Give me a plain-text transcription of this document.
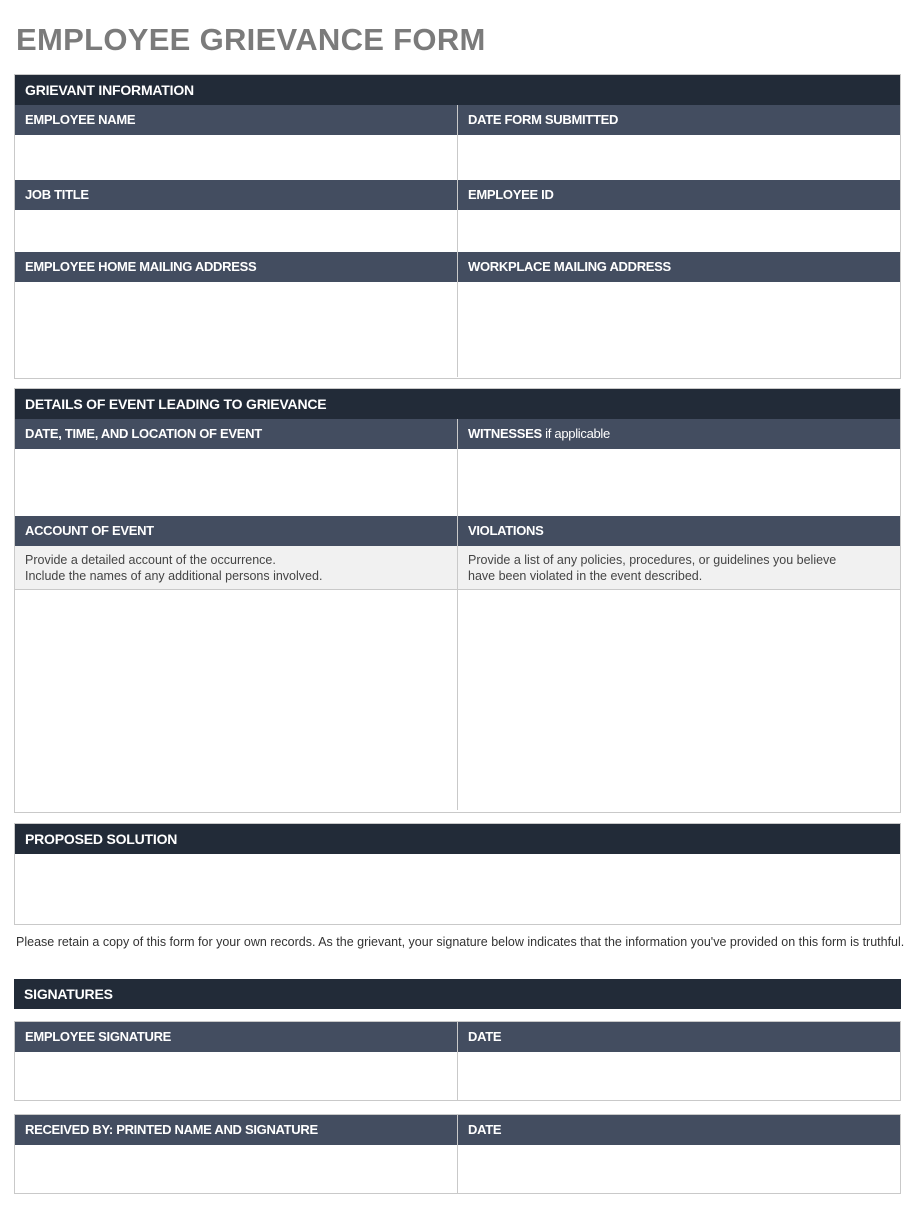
EMPLOYEE GRIEVANCE FORM
GRIEVANT INFORMATION
EMPLOYEE NAME	DATE FORM SUBMITTED
JOB TITLE	EMPLOYEE ID
EMPLOYEE HOME MAILING ADDRESS	WORKPLACE MAILING ADDRESS
DETAILS OF EVENT LEADING TO GRIEVANCE
DATE, TIME, AND LOCATION OF EVENT	WITNESSES if applicable
ACCOUNT OF EVENT
Provide a detailed account of the occurrence.
Include the names of any additional persons involved.
VIOLATIONS
Provide a list of any policies, procedures, or guidelines you believe
have been violated in the event described.
PROPOSED SOLUTION
Please retain a copy of this form for your own records. As the grievant, your signature below indicates that the information you've provided on this form is truthful.
SIGNATURES
EMPLOYEE SIGNATURE	DATE
RECEIVED BY: PRINTED NAME AND SIGNATURE	DATE
